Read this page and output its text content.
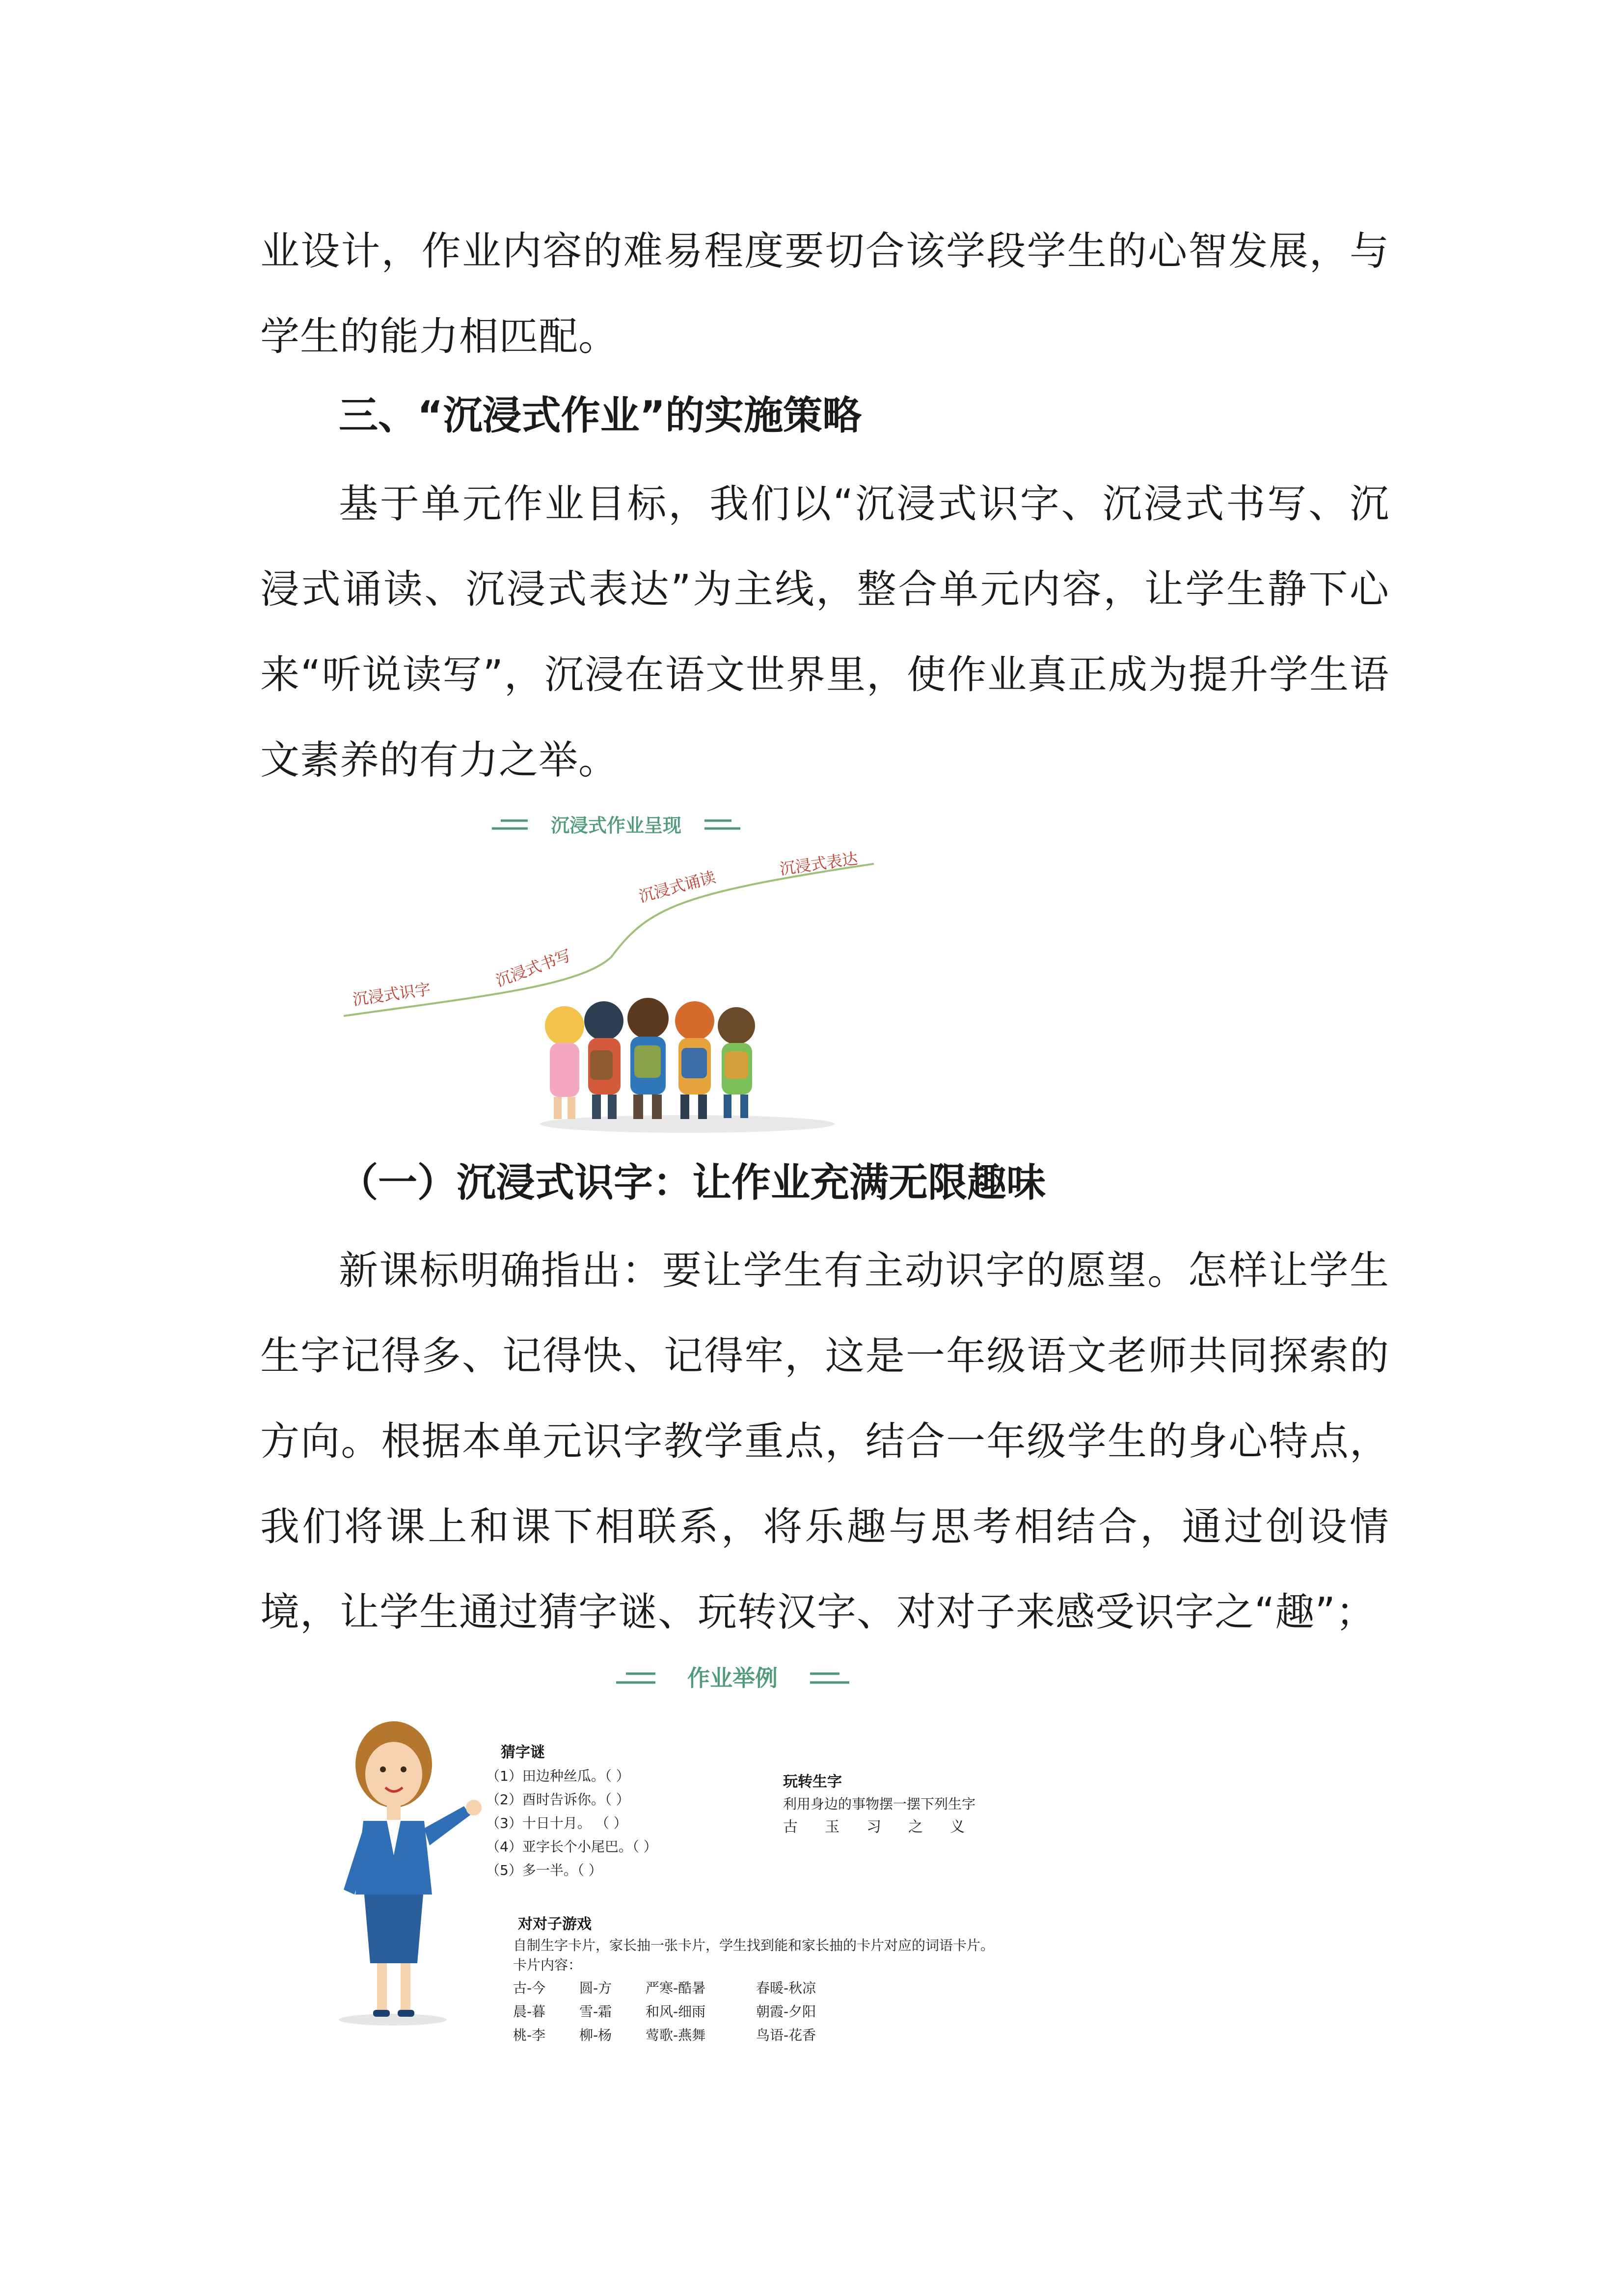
业设计，作业内容的难易程度要切合该学段学生的心智发展，与学生的能力相匹配。

三、“沉浸式作业”的实施策略

基于单元作业目标，我们以“沉浸式识字、沉浸式书写、沉浸式诵读、沉浸式表达”为主线，整合单元内容，让学生静下心来“听说读写”，沉浸在语文世界里，使作业真正成为提升学生语文素养的有力之举。

沉浸式作业呈现
沉浸式识字
沉浸式书写
沉浸式诵读
沉浸式表达
（一）沉浸式识字：让作业充满无限趣味

新课标明确指出：要让学生有主动识字的愿望。怎样让学生生字记得多、记得快、记得牢，这是一年级语文老师共同探索的方向。根据本单元识字教学重点，结合一年级学生的身心特点，我们将课上和课下相联系，将乐趣与思考相结合，通过创设情境，让学生通过猜字谜、玩转汉字、对对子来感受识字之“趣”；

作业举例
猜字谜
（1）田边种丝瓜。（ ）
（2）酉时告诉你。（ ）
（3）十日十月。 （ ）
（4）亚字长个小尾巴。（ ）
（5）多一半。（ ）
玩转生字
利用身边的事物摆一摆下列生字
古 玉 习 之 义
对对子游戏
自制生字卡片，家长抽一张卡片，学生找到能和家长抽的卡片对应的词语卡片。
卡片内容：
古-今 圆-方 严寒-酷暑	春暖-秋凉
晨-暮 雪-霜 和风-细雨	朝霞-夕阳
桃-李 柳-杨 莺歌-燕舞	鸟语-花香
